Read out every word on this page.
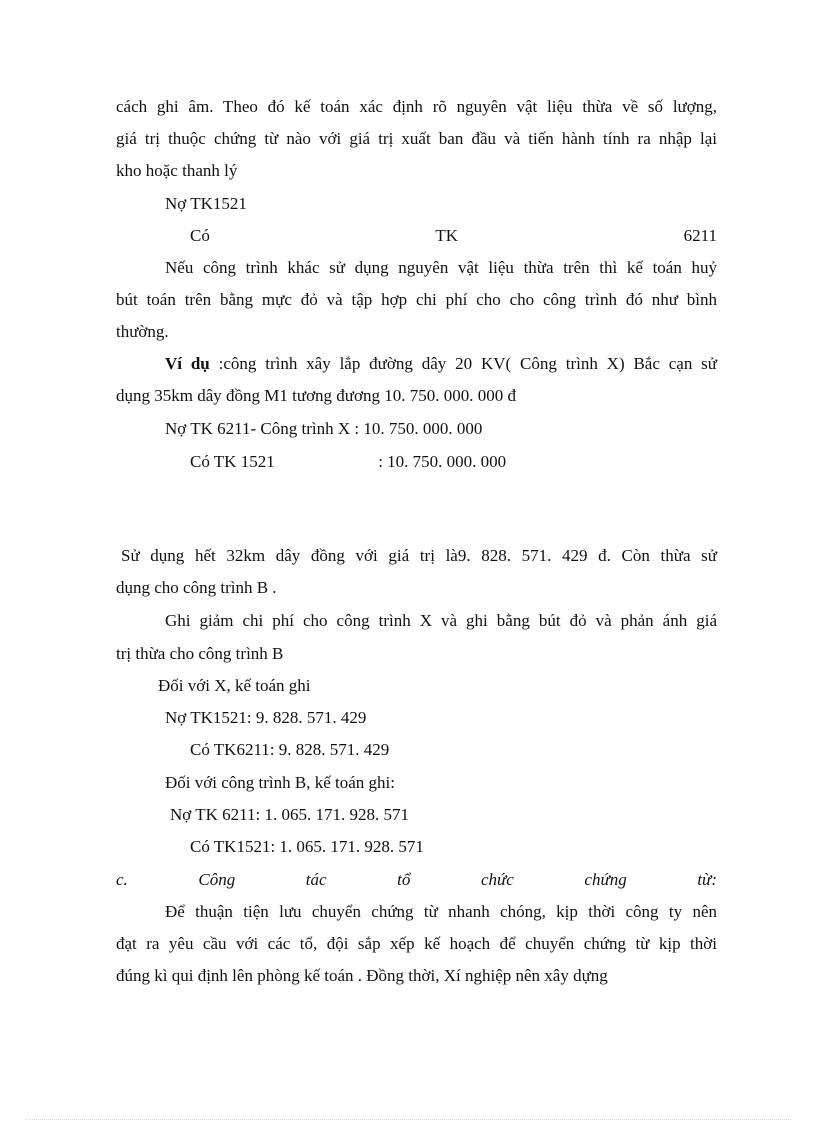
cách ghi âm. Theo đó kế toán xác định rõ nguyên vật liệu thừa về số lượng,
giá trị thuộc chứng từ nào với giá trị xuất ban đầu và tiến hành tính ra nhập lại
kho hoặc thanh lý
Nợ TK1521
Có	TK	6211
Nếu công trình khác sử dụng nguyên vật liệu thừa trên thì kế toán huỷ
bút toán trên bằng mực đỏ và tập hợp chi phí cho cho công trình đó như bình
thường.
Ví dụ :công trình xây lắp đường dây 20 KV( Công trình X) Bắc cạn sử
dụng 35km dây đồng M1 tương đương 10. 750. 000. 000 đ
Nợ TK 6211- Công trình X : 10. 750. 000. 000
Có TK 1521	: 10. 750. 000. 000
Sử dụng hết 32km dây đồng với giá trị là9. 828. 571. 429 đ. Còn thừa sử
dụng cho công trình B .
Ghi giảm chi phí cho công trình X và ghi bằng bút đỏ và phản ánh giá
trị thừa cho công trình B
Đối với X, kế toán ghi
Nợ TK1521: 9. 828. 571. 429
Có TK6211: 9. 828. 571. 429
Đối với công trình B, kế toán ghi:
Nợ TK 6211: 1. 065. 171. 928. 571
Có TK1521: 1. 065. 171. 928. 571
c.	Công	tác	tổ	chức	chứng	từ:
Để thuận tiện lưu chuyển chứng từ nhanh chóng, kịp thời công ty nên
đạt ra yêu cầu với các tổ, đội sắp xếp kế hoạch để chuyển chứng từ kịp thời
đúng kì qui định lên phòng kế toán . Đồng thời, Xí nghiệp nên xây dựng
